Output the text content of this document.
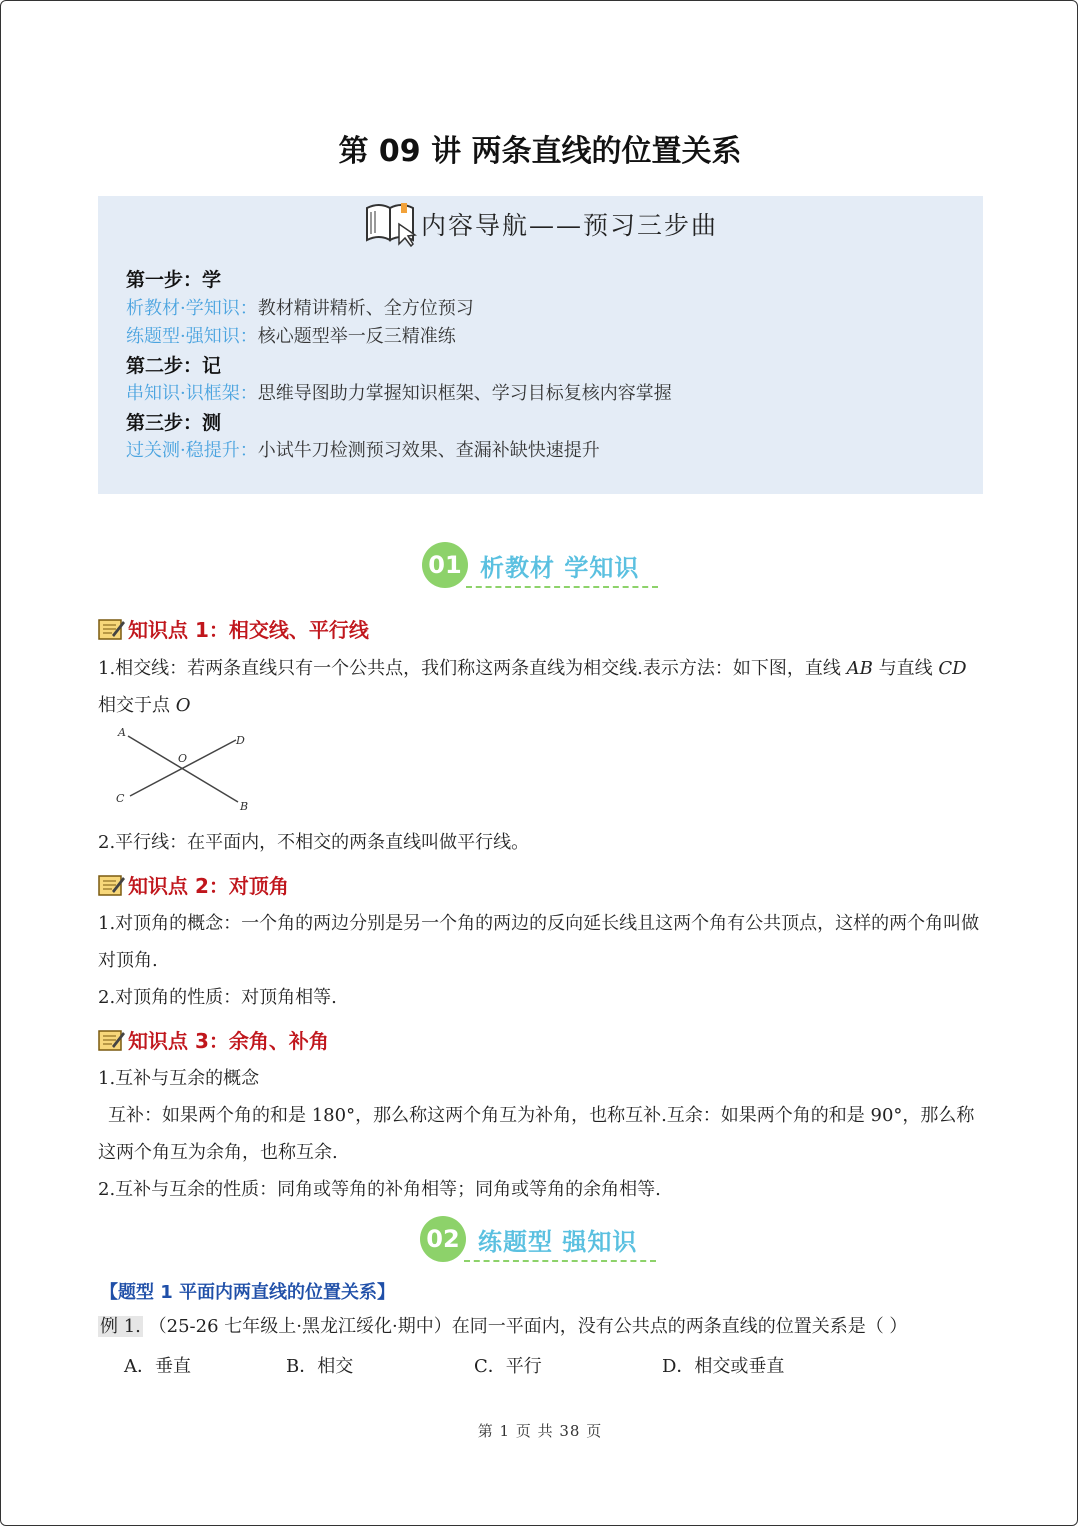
第 09 讲 两条直线的位置关系
内容导航——预习三步曲
第一步：学
析教材·学知识：教材精讲精析、全方位预习
练题型·强知识：核心题型举一反三精准练
第二步：记
串知识·识框架：思维导图助力掌握知识框架、学习目标复核内容掌握
第三步：测
过关测·稳提升：小试牛刀检测预习效果、查漏补缺快速提升
01 析教材 学知识
知识点 1：相交线、平行线
1.相交线：若两条直线只有一个公共点，我们称这两条直线为相交线.表示方法：如下图，直线 AB 与直线 CD
相交于点 O
A
B
C
D
O
2.平行线：在平面内，不相交的两条直线叫做平行线。
知识点 2：对顶角
1.对顶角的概念：一个角的两边分别是另一个角的两边的反向延长线且这两个角有公共顶点，这样的两个角叫做对顶角.
2.对顶角的性质：对顶角相等.
知识点 3：余角、补角
1.互补与互余的概念
互补：如果两个角的和是 180°，那么称这两个角互为补角，也称互补.互余：如果两个角的和是 90°，那么称这两个角互为余角，也称互余.
2.互补与互余的性质：同角或等角的补角相等；同角或等角的余角相等.
02 练题型 强知识
【题型 1 平面内两直线的位置关系】
例 1. （25-26 七年级上·黑龙江绥化·期中）在同一平面内，没有公共点的两条直线的位置关系是（ ）
A．垂直	B．相交	C．平行	D．相交或垂直
第 1 页 共 38 页
